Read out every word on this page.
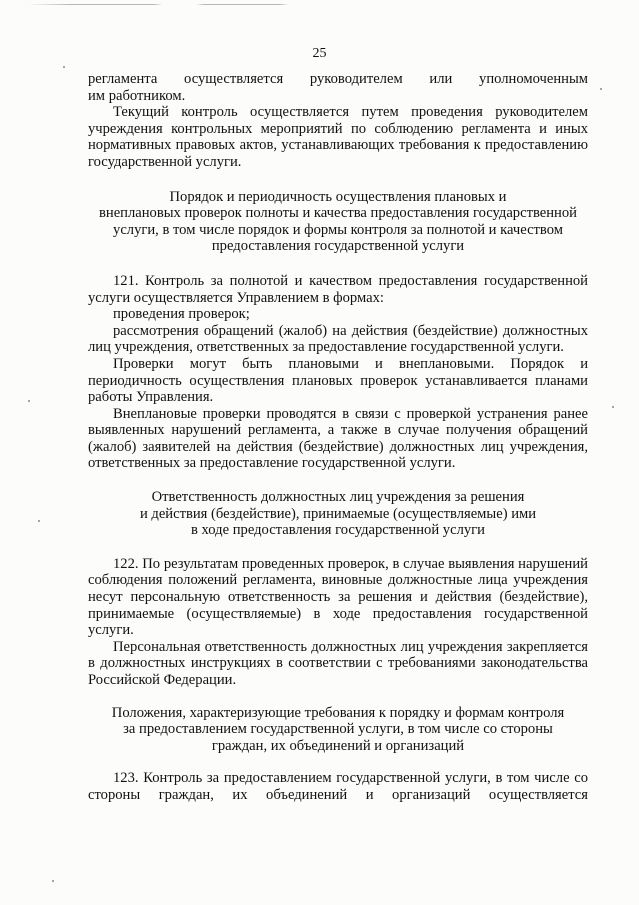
25

регламента осуществляется руководителем или уполномоченным

им работником.

Текущий контроль осуществляется путем проведения руководителем учреждения контрольных мероприятий по соблюдению регламента и иных нормативных правовых актов, устанавливающих требования к предоставлению государственной услуги.

Порядок и периодичность осуществления плановых и

внеплановых проверок полноты и качества предоставления государственной

услуги, в том числе порядок и формы контроля за полнотой и качеством

предоставления государственной услуги

121. Контроль за полнотой и качеством предоставления государственной услуги осуществляется Управлением в формах:

проведения проверок;

рассмотрения обращений (жалоб) на действия (бездействие) должностных лиц учреждения, ответственных за предоставление государственной услуги.

Проверки могут быть плановыми и внеплановыми. Порядок и периодичность осуществления плановых проверок устанавливается планами работы Управления.

Внеплановые проверки проводятся в связи с проверкой устранения ранее выявленных нарушений регламента, а также в случае получения обращений (жалоб) заявителей на действия (бездействие) должностных лиц учреждения, ответственных за предоставление государственной услуги.

Ответственность должностных лиц учреждения за решения

и действия (бездействие), принимаемые (осуществляемые) ими

в ходе предоставления государственной услуги

122. По результатам проведенных проверок, в случае выявления нарушений соблюдения положений регламента, виновные должностные лица учреждения несут персональную ответственность за решения и действия (бездействие), принимаемые (осуществляемые) в ходе предоставления государственной услуги.

Персональная ответственность должностных лиц учреждения закрепляется в должностных инструкциях в соответствии с требованиями законодательства Российской Федерации.

Положения, характеризующие требования к порядку и формам контроля

за предоставлением государственной услуги, в том числе со стороны

граждан, их объединений и организаций

123. Контроль за предоставлением государственной услуги, в том числе со стороны граждан, их объединений и организаций осуществляется
